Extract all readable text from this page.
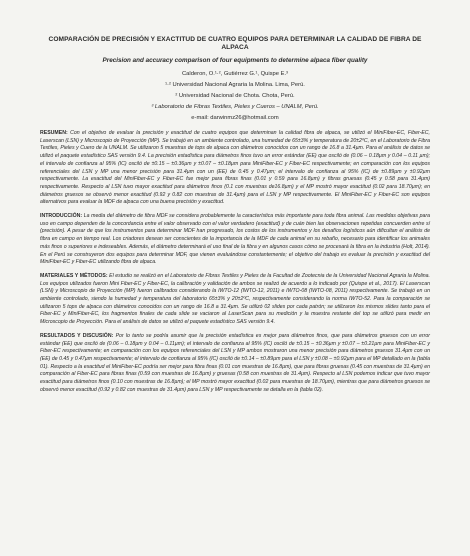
COMPARACIÓN DE PRECISIÓN Y EXACTITUD DE CUATRO EQUIPOS PARA DETERMINAR LA CALIDAD DE FIBRA DE ALPACA

Precision and accuracy comparison of four equipments to determine alpaca fiber quality

Calderon, O.¹·², Gutiérrez G.¹, Quispe E.³

¹·² Universidad Nacional Agraria la Molina. Lima, Perú.

² Universidad Nacional de Chota. Chota, Perú.

³ Laboratorio de Fibras Textiles, Pieles y Cueros – UNALM, Perú.

e-mail: darwinmz26@hotmail.com

RESUMEN: Con el objetivo de evaluar la precisión y exactitud de cuatro equipos que determinan la calidad fibra de alpaca, se utilizó el MiniFiber-EC, Fiber-EC, Laserscan (LSN) y Microscopio de Proyección (MP). Se trabajó en un ambiente controlado, una humedad de 65±3% y temperatura de 20±2ºC, en el Laboratorio de Fibra Textiles, Pieles y Cuero de la UNALM. Se utilizaron 5 muestras de tops de alpaca con diámetros conocidos con un rango de 16.8 a 31.4µm. Para el análisis de datos se utilizó el paquete estadístico SAS versión 9.4. La precisión estadística para diámetros finos tuvo un error estándar (EE) que osciló de (0.06 – 0.18µm y 0.04 – 0.11 µm); el intervalo de confianza al 95% (IC) osciló de ±0.15 – ±0.36µm y ±0.07 – ±0.18µm para MiniFiber-EC y Fiber-EC respectivamente; en comparación con los equipos referenciales del LSN y MP una menor precisión para 31.4µm con un (EE) de 0.45 y 0.47µm; el intervalo de confianza al 95% (IC) de ±0.89µm y ±0.92µm respectivamente. La exactitud del MiniFiber-EC y Fiber-EC fue mejor para fibras finas (0.01 y 0.59 para 16.8µm) y fibras gruesas (0.45 y 0.58 para 31.4µm) respectivamente. Respecto al LSN tuvo mayor exactitud para diámetros finos (0.1 con muestras de16.8µm) y el MP mostró mayor exactitud (0.02 para 18.70µm); en diámetros gruesos se observó menor exactitud (0.92 y 0.82 con muestras de 31.4µm) para el LSN y MP respectivamente. El MiniFiber-EC y Fiber-EC son equipos alternativos para evaluar la MDF de alpaca con una buena precisión y exactitud.

INTRODUCCIÓN: La media del diámetro de fibra MDF se considera probablemente la característica más importante para toda fibra animal. Las medidas objetivas para uso en campo dependen de la concordancia entre el valor observado con el valor verdadero (exactitud) y de cuán bien las observaciones repetidas concuerden entre sí (precisión). A pesar de que los instrumentos para determinar MDF han progresado, los costos de los instrumentos y los desafíos logísticos aún dificultan el análisis de fibra en campo en tiempo real. Los criadores desean ser conscientes de la importancia de la MDF de cada animal en su rebaño, necesario para identificar los animales más finos o superiores e indeseables. Además, el diámetro determinará el uso final de la fibra y en algunos casos cómo se procesará la fibra en la industria (Holt, 2014). En el Perú se construyeron dos equipos para determinar MDF, que vienen evaluándose constantemente; el objetivo del trabajo es evaluar la precisión y exactitud del MiniFiber-EC y Fiber-EC utilizando fibra de alpaca.

MATERIALES Y MÉTODOS: El estudio se realizó en el Laboratorio de Fibras Textiles y Pieles de la Facultad de Zootecnia de la Universidad Nacional Agraria la Molina. Los equipos utilizados fueron Mini Fiber-EC y Fiber-EC, la calibración y validación de ambos se realizó de acuerdo a lo indicado por (Quispe et al., 2017). El Laserscan (LSN) y Microscopio de Proyección (MP) fueron calibrados considerando la IWTO-12 (IWTO-12, 2011) e IWTO-08 (IWTO-08, 2011) respectivamente. Se trabajó en un ambiente controlado, siendo la humedad y temperatura del laboratorio 65±3% y 20±2ºC, respectivamente considerando la norma IWTO-52. Para la comparación se utilizaron 5 tops de alpaca con diámetros conocidos con un rango de 16.8 a 31.4µm. Se utilizó 02 slides por cada patrón; se utilizaron los mismos slides tanto para el Fiber-EC y MiniFiber-EC, los fragmentos finales de cada slide se vaciaron al LaserScan para su medición y la muestra restante del top se utilizó para medir en Microscopio de Proyección. Para el análisis de datos se utilizó el paquete estadístico SAS versión 9.4.

RESULTADOS Y DISCUSIÓN: Por lo tanto se podría asumir que la precisión estadística es mejor para diámetros finos, que para diámetros gruesos con un error estándar (EE) que osciló de (0.06 – 0.18µm y 0.04 – 0.11µm); el intervalo de confianza al 95% (IC) osciló de ±0.15 – ±0.36µm y ±0.07 – ±0.21µm para MiniFiber-EC y Fiber-EC respectivamente; en comparación con los equipos referenciales del LSN y MP ambos mostraron una menor precisión para diámetros gruesos 31.4µm con un (EE) de 0.45 y 0.47µm respectivamente; el intervalo de confianza al 95% (IC) osciló de ±0.14 – ±0.89µm para el LSN y ±0.08 – ±0.92µm para el MP detallado en la (tabla 01). Respecto a la exactitud el MiniFiber-EC podría ser mejor para fibra finas (0.01 con muestras de 16.8µm), que para fibras gruesas (0.45 con muestras de 31.4µm) en comparación al Fiber-EC para fibras finas (0.59 con muestras de 16.8µm) y gruesas (0.58 con muestras de 31.4µm). Respecto al LSN podemos indicar que tuvo mayor exactitud para diámetros finos (0.10 con muestras de 16.8µm); el MP mostró mayor exactitud (0.02 para muestras de 18.70µm), mientras que para diámetros gruesos se observó menor exactitud (0.92 y 0.82 con muestras de 31.4µm) para LSN y MP respectivamente se detalla en la (tabla 02).
